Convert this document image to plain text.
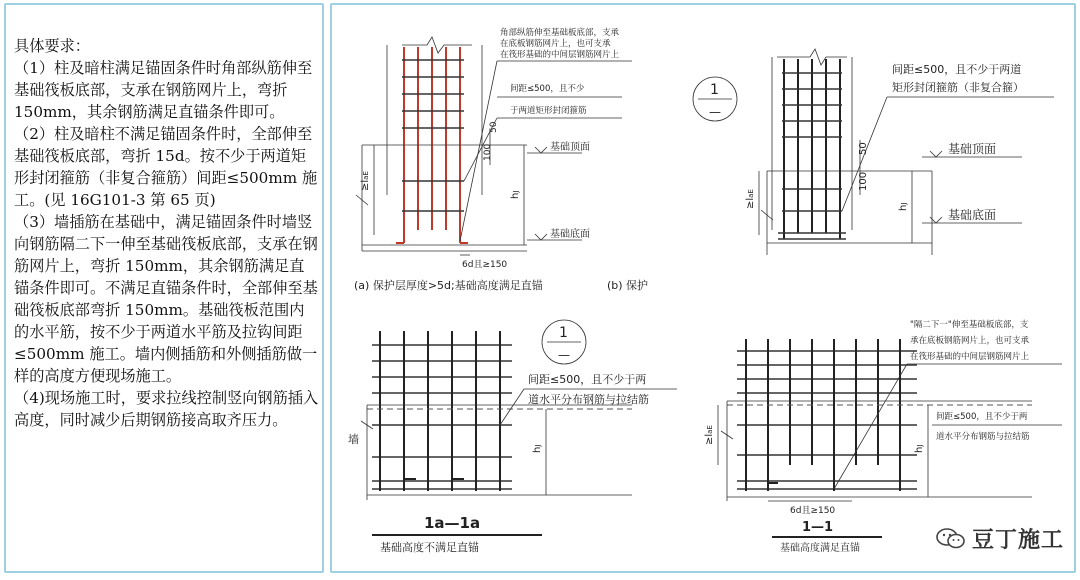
具体要求：
（1）柱及暗柱满足锚固条件时角部纵筋伸至基础筏板底部，支承在钢筋网片上，弯折 150mm，其余钢筋满足直锚条件即可。
（2）柱及暗柱不满足锚固条件时，全部伸至基础筏板底部，弯折 15d。按不少于两道矩形封闭箍筋（非复合箍筋）间距≤500mm 施工。(见 16G101-3 第 65 页)
（3）墙插筋在基础中，满足锚固条件时墙竖向钢筋隔二下一伸至基础筏板底部，支承在钢筋网片上，弯折 150mm，其余钢筋满足直锚条件即可。不满足直锚条件时，全部伸至基础筏板底部弯折 150mm。基础筏板范围内的水平筋，按不少于两道水平筋及拉钩间距≤500mm 施工。墙内侧插筋和外侧插筋做一样的高度方便现场施工。
（4)现场施工时，要求拉线控制竖向钢筋插入高度，同时减少后期钢筋接高取齐压力。
≥laE
50
100
hJ
基础顶面
基础底面
角部纵筋伸至基础板底部，支承
在底板钢筋网片上，也可支承
在筏形基础的中间层钢筋网片上
间距≤500，且不少
于两道矩形封闭箍筋
6d且≥150
(a) 保护层厚度>5d;基础高度满足直锚	(b) 保护
1
—
≥laE
50
100
hJ
基础顶面
基础底面
间距≤500，且不少于两道
矩形封闭箍筋（非复合箍）
墙
hJ
1
—
间距≤500，且不少于两
道水平分布钢筋与拉结筋
1a—1a
基础高度不满足直锚
≥laE
hJ
"隔二下一"伸至基础板底部，支
承在底板钢筋网片上，也可支承
在筏形基础的中间层钢筋网片上
间距≤500，且不少于两
道水平分布钢筋与拉结筋
6d且≥150
1—1
基础高度满足直锚	豆丁施工
